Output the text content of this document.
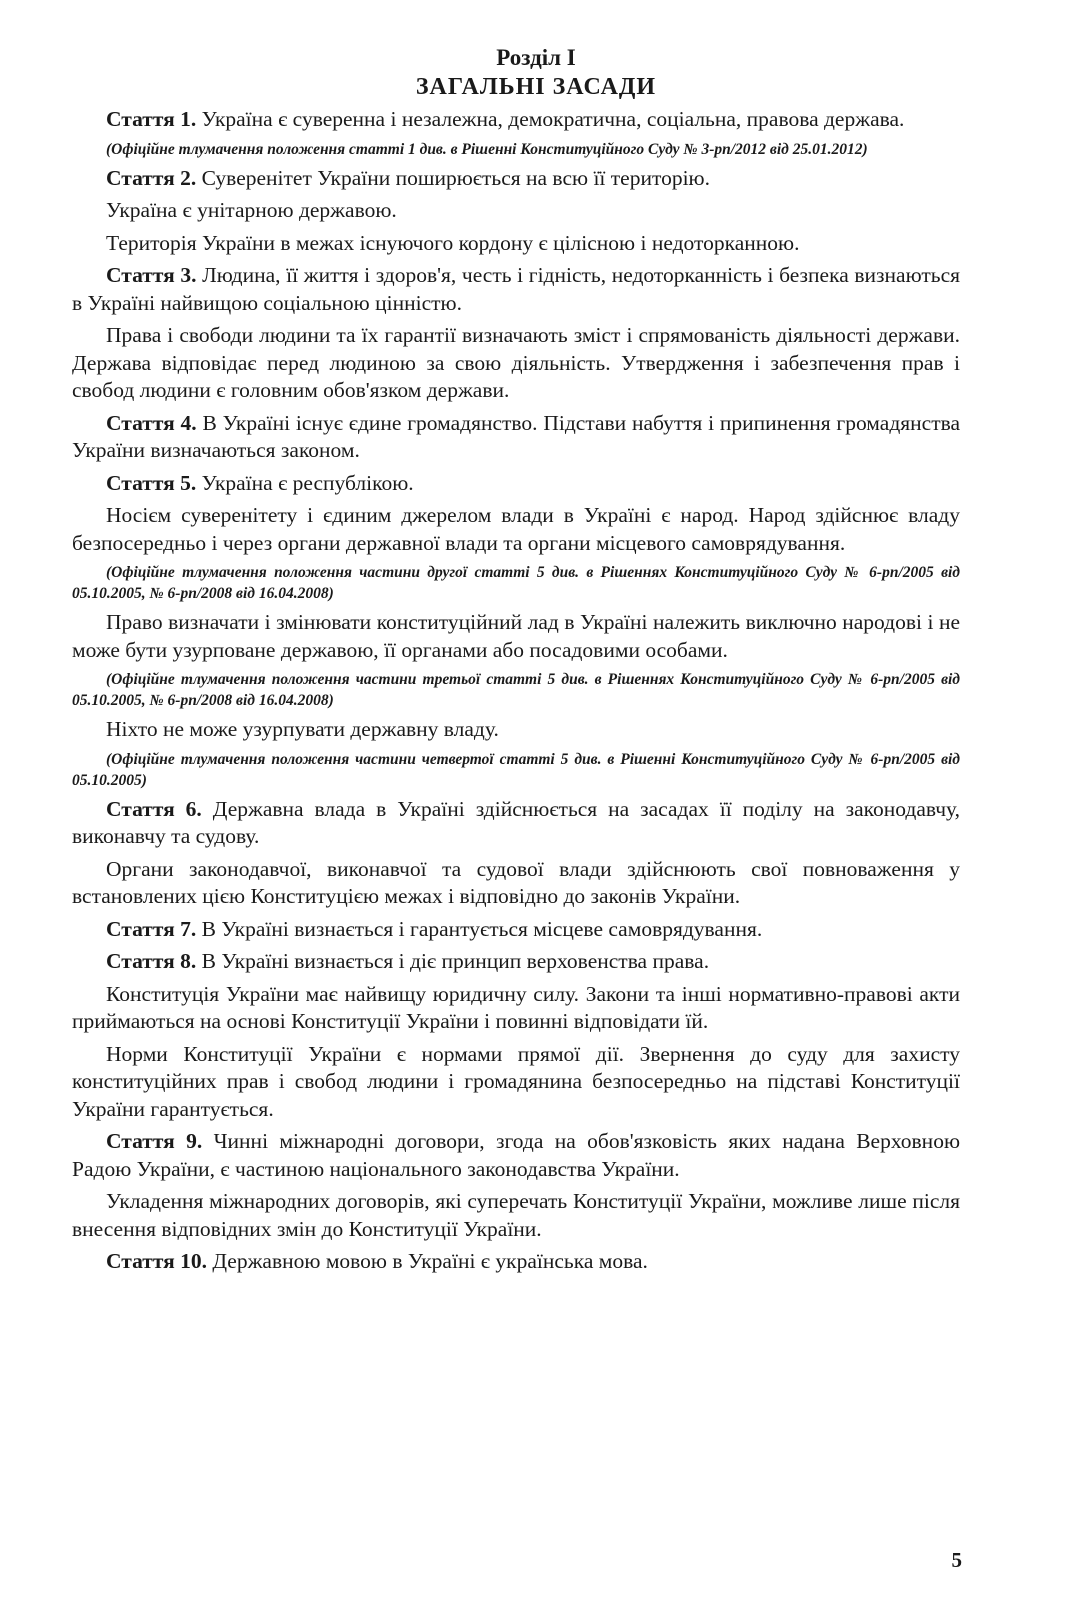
Розділ I
ЗАГАЛЬНІ ЗАСАДИ

Стаття 1. Україна є суверенна і незалежна, демократична, соціальна, правова держава.

(Офіційне тлумачення положення статті 1 див. в Рішенні Конституційного Суду № 3-рп/2012 від 25.01.2012)

Стаття 2. Суверенітет України поширюється на всю її територію.

Україна є унітарною державою.

Територія України в межах існуючого кордону є цілісною і недоторканною.

Стаття 3. Людина, її життя і здоров'я, честь і гідність, недоторканність і безпека визнаються в Україні найвищою соціальною цінністю.

Права і свободи людини та їх гарантії визначають зміст і спрямованість діяльності держави. Держава відповідає перед людиною за свою діяльність. Утвердження і забезпечення прав і свобод людини є головним обов'язком держави.

Стаття 4. В Україні існує єдине громадянство. Підстави набуття і припинення громадянства України визначаються законом.

Стаття 5. Україна є республікою.

Носієм суверенітету і єдиним джерелом влади в Україні є народ. Народ здійснює владу безпосередньо і через органи державної влади та органи місцевого самоврядування.

(Офіційне тлумачення положення частини другої статті 5 див. в Рішеннях Конституційного Суду № 6-рп/2005 від 05.10.2005, № 6-рп/2008 від 16.04.2008)

Право визначати і змінювати конституційний лад в Україні належить виключно народові і не може бути узурповане державою, її органами або посадовими особами.

(Офіційне тлумачення положення частини третьої статті 5 див. в Рішеннях Конституційного Суду № 6-рп/2005 від 05.10.2005, № 6-рп/2008 від 16.04.2008)

Ніхто не може узурпувати державну владу.

(Офіційне тлумачення положення частини четвертої статті 5 див. в Рішенні Конституційного Суду № 6-рп/2005 від 05.10.2005)

Стаття 6. Державна влада в Україні здійснюється на засадах її поділу на законодавчу, виконавчу та судову.

Органи законодавчої, виконавчої та судової влади здійснюють свої повноваження у встановлених цією Конституцією межах і відповідно до законів України.

Стаття 7. В Україні визнається і гарантується місцеве самоврядування.

Стаття 8. В Україні визнається і діє принцип верховенства права.

Конституція України має найвищу юридичну силу. Закони та інші нормативно-правові акти приймаються на основі Конституції України і повинні відповідати їй.

Норми Конституції України є нормами прямої дії. Звернення до суду для захисту конституційних прав і свобод людини і громадянина безпосередньо на підставі Конституції України гарантується.

Стаття 9. Чинні міжнародні договори, згода на обов'язковість яких надана Верховною Радою України, є частиною національного законодавства України.

Укладення міжнародних договорів, які суперечать Конституції України, можливе лише після внесення відповідних змін до Конституції України.

Стаття 10. Державною мовою в Україні є українська мова.

5
